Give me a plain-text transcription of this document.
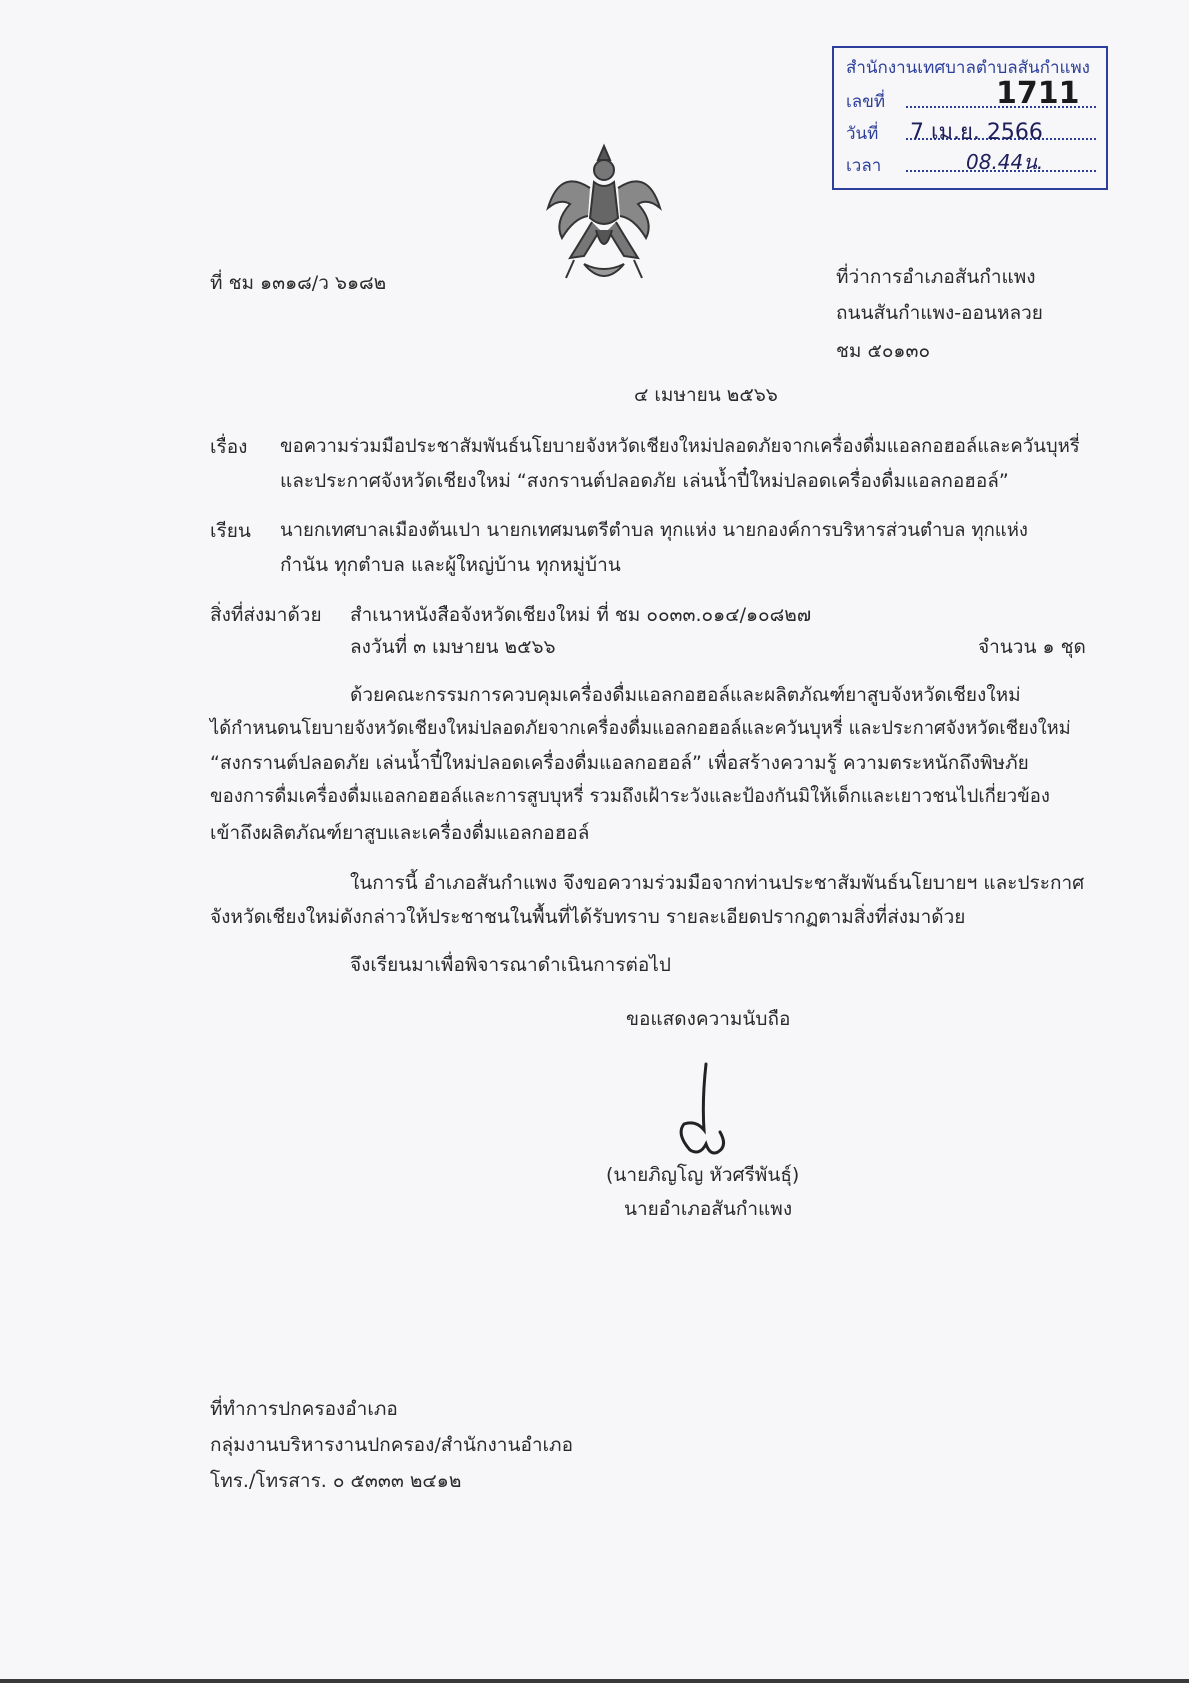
สำนักงานเทศบาลตำบลสันกำแพง
เลขที่	1711
วันที่ 7 เม.ย. 2566
เวลา	08.44น.
ที่ ชม ๑๓๑๘/ว ๖๑๘๒	ที่ว่าการอำเภอสันกำแพง
ถนนสันกำแพง-ออนหลวย
ชม ๕๐๑๓๐
๔ เมษายน ๒๕๖๖
เรื่อง ขอความร่วมมือประชาสัมพันธ์นโยบายจังหวัดเชียงใหม่ปลอดภัยจากเครื่องดื่มแอลกอฮอล์และควันบุหรี่
และประกาศจังหวัดเชียงใหม่ “สงกรานต์ปลอดภัย เล่นน้ำปี๋ใหม่ปลอดเครื่องดื่มแอลกอฮอล์”
เรียน นายกเทศบาลเมืองต้นเปา นายกเทศมนตรีตำบล ทุกแห่ง นายกองค์การบริหารส่วนตำบล ทุกแห่ง
กำนัน ทุกตำบล และผู้ใหญ่บ้าน ทุกหมู่บ้าน
สิ่งที่ส่งมาด้วย สำเนาหนังสือจังหวัดเชียงใหม่ ที่ ชม ๐๐๓๓.๐๑๔/๑๐๘๒๗
ลงวันที่ ๓ เมษายน ๒๕๖๖	จำนวน ๑ ชุด
ด้วยคณะกรรมการควบคุมเครื่องดื่มแอลกอฮอล์และผลิตภัณฑ์ยาสูบจังหวัดเชียงใหม่
ได้กำหนดนโยบายจังหวัดเชียงใหม่ปลอดภัยจากเครื่องดื่มแอลกอฮอล์และควันบุหรี่ และประกาศจังหวัดเชียงใหม่
“สงกรานต์ปลอดภัย เล่นน้ำปี๋ใหม่ปลอดเครื่องดื่มแอลกอฮอล์” เพื่อสร้างความรู้ ความตระหนักถึงพิษภัย
ของการดื่มเครื่องดื่มแอลกอฮอล์และการสูบบุหรี่ รวมถึงเฝ้าระวังและป้องกันมิให้เด็กและเยาวชนไปเกี่ยวข้อง
เข้าถึงผลิตภัณฑ์ยาสูบและเครื่องดื่มแอลกอฮอล์
ในการนี้ อำเภอสันกำแพง จึงขอความร่วมมือจากท่านประชาสัมพันธ์นโยบายฯ และประกาศ
จังหวัดเชียงใหม่ดังกล่าวให้ประชาชนในพื้นที่ได้รับทราบ รายละเอียดปรากฏตามสิ่งที่ส่งมาด้วย
จึงเรียนมาเพื่อพิจารณาดำเนินการต่อไป
ขอแสดงความนับถือ
(นายภิญโญ หัวศรีพันธุ์)
นายอำเภอสันกำแพง
ที่ทำการปกครองอำเภอ
กลุ่มงานบริหารงานปกครอง/สำนักงานอำเภอ
โทร./โทรสาร. ๐ ๕๓๓๓ ๒๔๑๒
